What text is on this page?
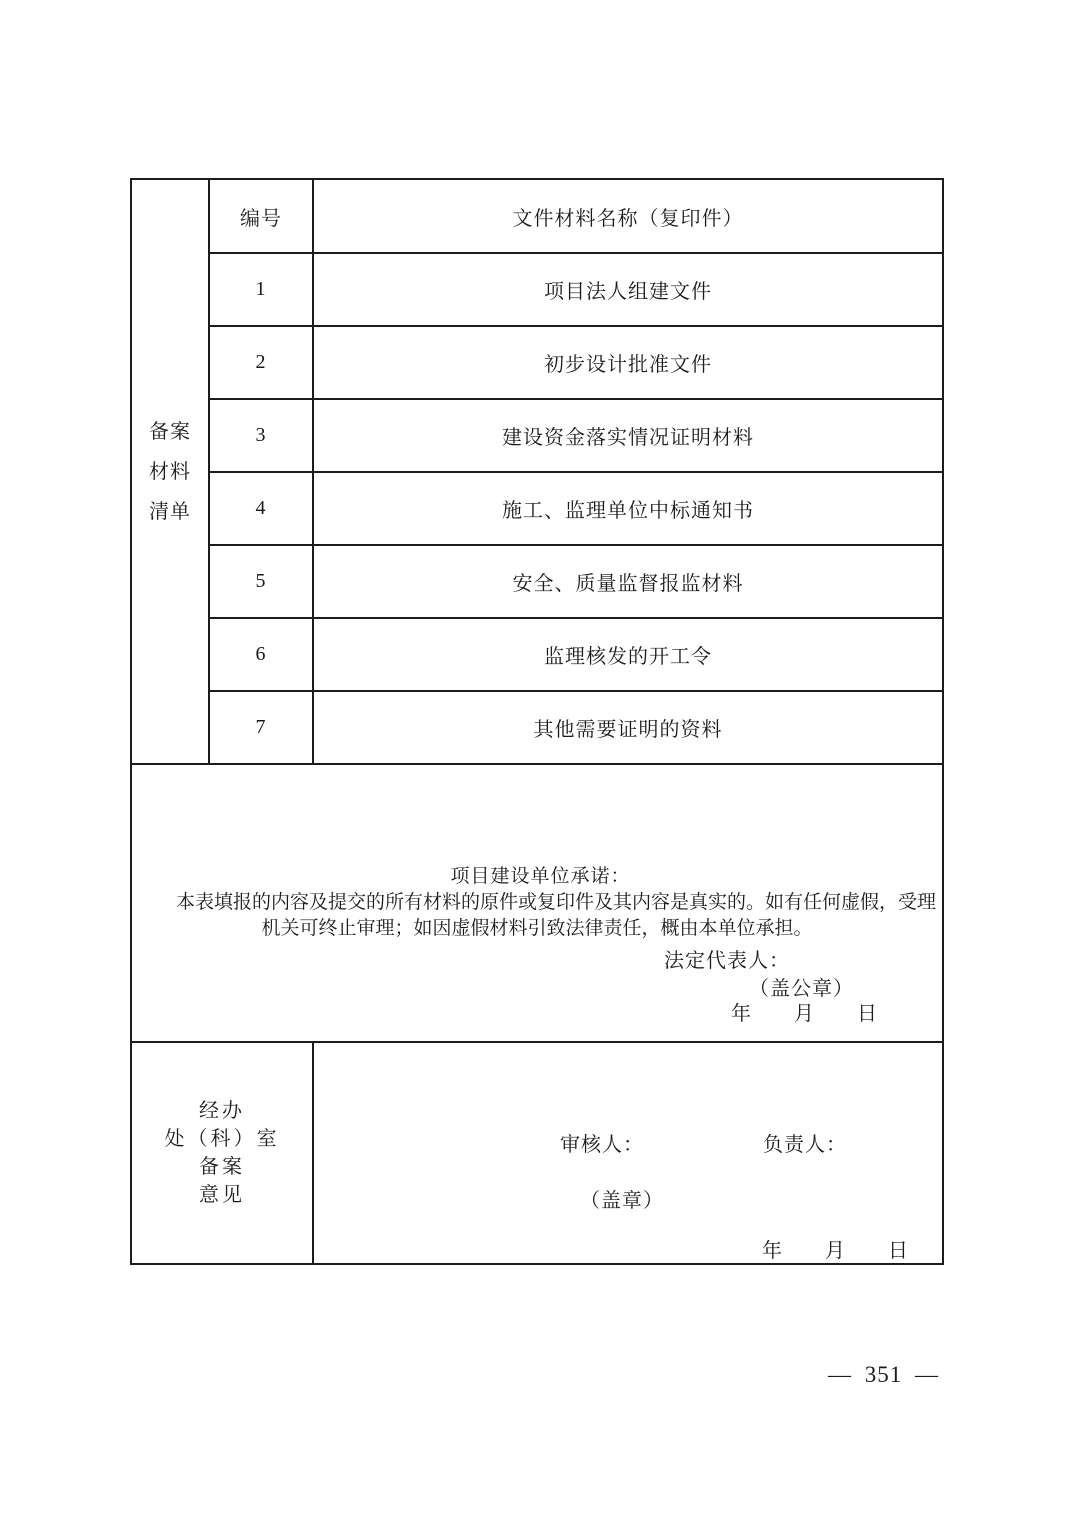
备案
材料
清单	编号	文件材料名称（复印件）
	1	项目法人组建文件
	2	初步设计批准文件
	3	建设资金落实情况证明材料
	4	施工、监理单位中标通知书
	5	安全、质量监督报监材料
	6	监理核发的开工令
	7	其他需要证明的资料

项目建设单位承诺：
本表填报的内容及提交的所有材料的原件或复印件及其内容是真实的。如有任何虚假，受理机关可终止审理；如因虚假材料引致法律责任，概由本单位承担。
法定代表人：
（盖公章）
年　　月　　日		

经办
处（科）室
备案
意见

审核人：	负责人：
（盖章）
年　　月　　日
— 351 —
